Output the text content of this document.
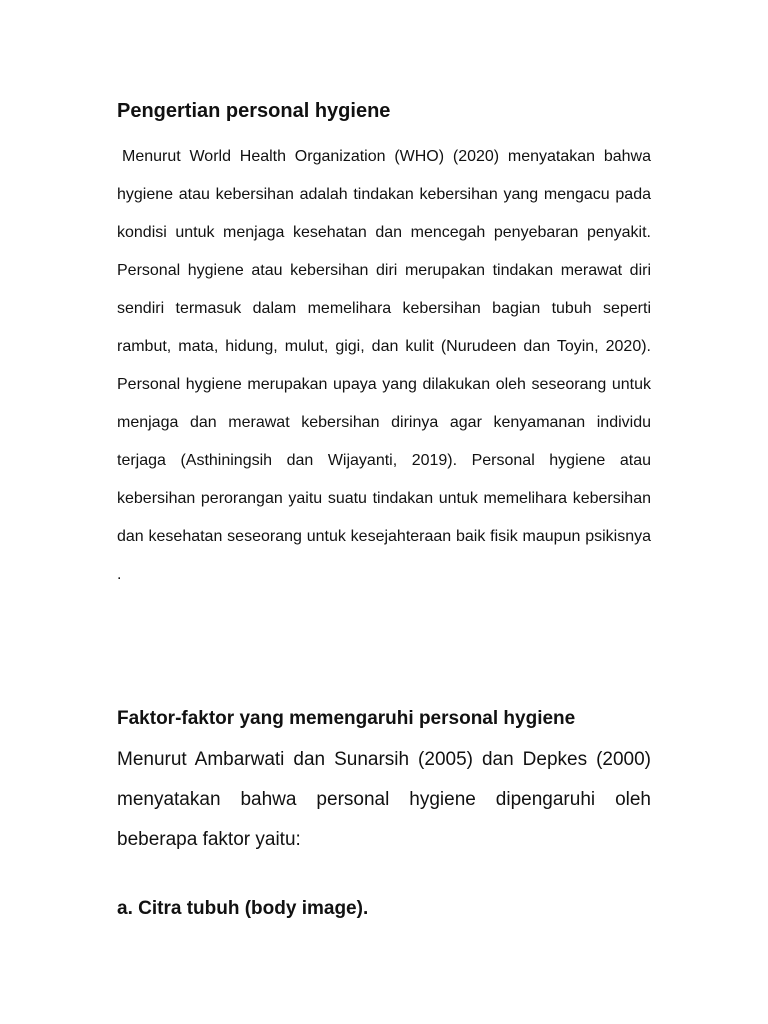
Pengertian personal hygiene

Menurut World Health Organization (WHO) (2020) menyatakan bahwa hygiene atau kebersihan adalah tindakan kebersihan yang mengacu pada kondisi untuk menjaga kesehatan dan mencegah penyebaran penyakit. Personal hygiene atau kebersihan diri merupakan tindakan merawat diri sendiri termasuk dalam memelihara kebersihan bagian tubuh seperti rambut, mata, hidung, mulut, gigi, dan kulit (Nurudeen dan Toyin, 2020). Personal hygiene merupakan upaya yang dilakukan oleh seseorang untuk menjaga dan merawat kebersihan dirinya agar kenyamanan individu terjaga (Asthiningsih dan Wijayanti, 2019). Personal hygiene atau kebersihan perorangan yaitu suatu tindakan untuk memelihara kebersihan dan kesehatan seseorang untuk kesejahteraan baik fisik maupun psikisnya .

Faktor-faktor yang memengaruhi personal hygiene

Menurut Ambarwati dan Sunarsih (2005) dan Depkes (2000) menyatakan bahwa personal hygiene dipengaruhi oleh beberapa faktor yaitu:

a. Citra tubuh (body image).
